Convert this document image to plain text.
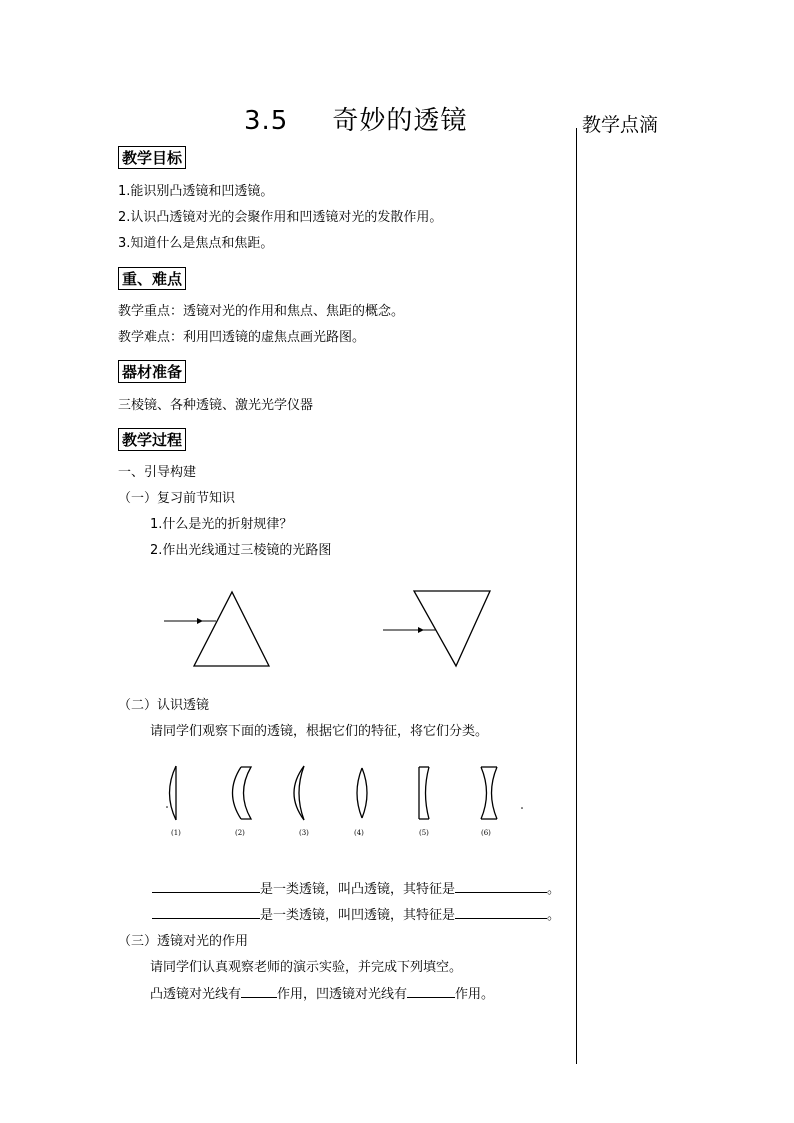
3.5 奇妙的透镜	教学点滴
教学目标
1.能识别凸透镜和凹透镜。
2.认识凸透镜对光的会聚作用和凹透镜对光的发散作用。
3.知道什么是焦点和焦距。
重、难点
教学重点：透镜对光的作用和焦点、焦距的概念。
教学难点：利用凹透镜的虚焦点画光路图。
器材准备
三棱镜、各种透镜、激光光学仪器
教学过程
一、引导构建
（一）复习前节知识
1.什么是光的折射规律？
2.作出光线通过三棱镜的光路图
（二）认识透镜
请同学们观察下面的透镜，根据它们的特征，将它们分类。
(1)	(2)	(3)	(4)	(5)	(6)
是一类透镜，叫凸透镜，其特征是	。
是一类透镜，叫凹透镜，其特征是	。
（三）透镜对光的作用
请同学们认真观察老师的演示实验，并完成下列填空。
凸透镜对光线有	作用，凹透镜对光线有	作用。
